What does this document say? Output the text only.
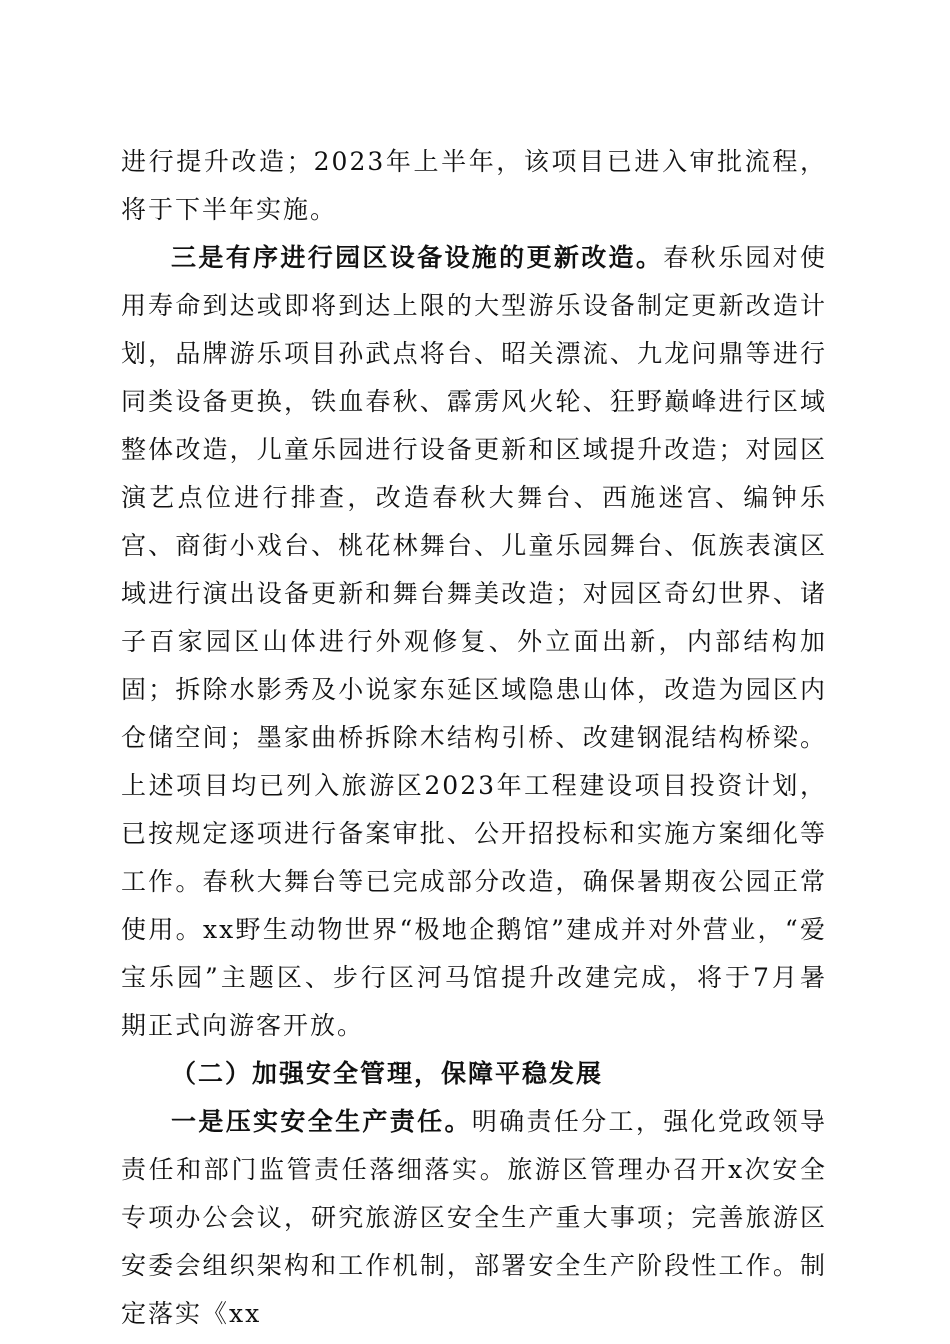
进行提升改造；2023年上半年，该项目已进入审批流程，将于下半年实施。

三是有序进行园区设备设施的更新改造。春秋乐园对使用寿命到达或即将到达上限的大型游乐设备制定更新改造计划，品牌游乐项目孙武点将台、昭关漂流、九龙问鼎等进行同类设备更换，铁血春秋、霹雳风火轮、狂野巅峰进行区域整体改造，儿童乐园进行设备更新和区域提升改造；对园区演艺点位进行排查，改造春秋大舞台、西施迷宫、编钟乐宫、商街小戏台、桃花林舞台、儿童乐园舞台、佤族表演区域进行演出设备更新和舞台舞美改造；对园区奇幻世界、诸子百家园区山体进行外观修复、外立面出新，内部结构加固；拆除水影秀及小说家东延区域隐患山体，改造为园区内仓储空间；墨家曲桥拆除木结构引桥、改建钢混结构桥梁。上述项目均已列入旅游区2023年工程建设项目投资计划，已按规定逐项进行备案审批、公开招投标和实施方案细化等工作。春秋大舞台等已完成部分改造，确保暑期夜公园正常使用。xx野生动物世界“极地企鹅馆”建成并对外营业，“爱宝乐园”主题区、步行区河马馆提升改建完成，将于7月暑期正式向游客开放。

（二）加强安全管理，保障平稳发展

一是压实安全生产责任。明确责任分工，强化党政领导责任和部门监管责任落细落实。旅游区管理办召开x次安全专项办公会议，研究旅游区安全生产重大事项；完善旅游区安委会组织架构和工作机制，部署安全生产阶段性工作。制定落实《xx
